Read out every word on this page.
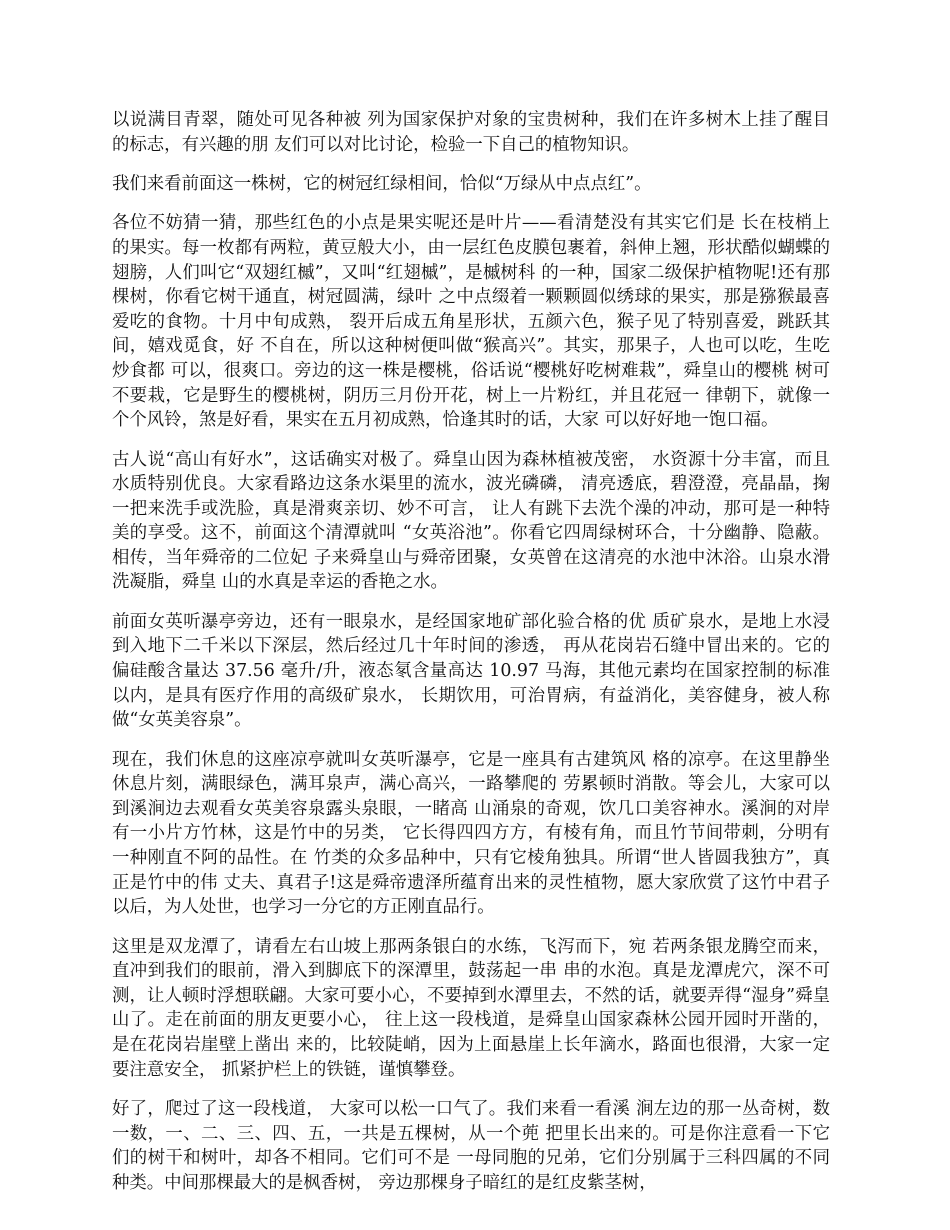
以说满目青翠，随处可见各种被 列为国家保护对象的宝贵树种，我们在许多树木上挂了醒目的标志，有兴趣的朋 友们可以对比讨论，检验一下自己的植物知识。

我们来看前面这一株树，它的树冠红绿相间，恰似“万绿从中点点红”。

各位不妨猜一猜，那些红色的小点是果实呢还是叶片——看清楚没有其实它们是 长在枝梢上的果实。每一枚都有两粒，黄豆般大小，由一层红色皮膜包裹着，斜伸上翘，形状酷似蝴蝶的翅膀，人们叫它“双翅红槭”，又叫“红翅槭”，是槭树科 的一种，国家二级保护植物呢!还有那棵树，你看它树干通直，树冠圆满，绿叶 之中点缀着一颗颗圆似绣球的果实，那是猕猴最喜爱吃的食物。十月中旬成熟， 裂开后成五角星形状，五颜六色，猴子见了特别喜爱，跳跃其间，嬉戏觅食，好 不自在，所以这种树便叫做“猴高兴”。其实，那果子，人也可以吃，生吃炒食都 可以，很爽口。旁边的这一株是樱桃，俗话说“樱桃好吃树难栽”，舜皇山的樱桃 树可不要栽，它是野生的樱桃树，阴历三月份开花，树上一片粉红，并且花冠一 律朝下，就像一个个风铃，煞是好看，果实在五月初成熟，恰逢其时的话，大家 可以好好地一饱口福。

古人说“高山有好水”，这话确实对极了。舜皇山因为森林植被茂密， 水资源十分丰富，而且水质特别优良。大家看路边这条水渠里的流水，波光磷磷， 清亮透底，碧澄澄，亮晶晶，掬一把来洗手或洗脸，真是滑爽亲切、妙不可言， 让人有跳下去洗个澡的冲动，那可是一种特美的享受。这不，前面这个清潭就叫 “女英浴池”。你看它四周绿树环合，十分幽静、隐蔽。相传，当年舜帝的二位妃 子来舜皇山与舜帝团聚，女英曾在这清亮的水池中沐浴。山泉水滑洗凝脂，舜皇 山的水真是幸运的香艳之水。

前面女英听瀑亭旁边，还有一眼泉水，是经国家地矿部化验合格的优 质矿泉水，是地上水浸到入地下二千米以下深层，然后经过几十年时间的渗透， 再从花岗岩石缝中冒出来的。它的偏硅酸含量达 37.56 毫升/升，液态氡含量高达 10.97 马海，其他元素均在国家控制的标准以内，是具有医疗作用的高级矿泉水， 长期饮用，可治胃病，有益消化，美容健身，被人称做“女英美容泉”。

现在，我们休息的这座凉亭就叫女英听瀑亭，它是一座具有古建筑风 格的凉亭。在这里静坐休息片刻，满眼绿色，满耳泉声，满心高兴，一路攀爬的 劳累顿时消散。等会儿，大家可以到溪涧边去观看女英美容泉露头泉眼，一睹高 山涌泉的奇观，饮几口美容神水。溪涧的对岸有一小片方竹林，这是竹中的另类， 它长得四四方方，有棱有角，而且竹节间带刺，分明有一种刚直不阿的品性。在 竹类的众多品种中，只有它棱角独具。所谓“世人皆圆我独方”，真正是竹中的伟 丈夫、真君子!这是舜帝遗泽所蕴育出来的灵性植物，愿大家欣赏了这竹中君子 以后，为人处世，也学习一分它的方正刚直品行。

这里是双龙潭了，请看左右山坡上那两条银白的水练，飞泻而下，宛 若两条银龙腾空而来，直冲到我们的眼前，滑入到脚底下的深潭里，鼓荡起一串 串的水泡。真是龙潭虎穴，深不可测，让人顿时浮想联翩。大家可要小心，不要掉到水潭里去，不然的话，就要弄得“湿身”舜皇山了。走在前面的朋友更要小心， 往上这一段栈道，是舜皇山国家森林公园开园时开凿的，是在花岗岩崖壁上凿出 来的，比较陡峭，因为上面悬崖上长年滴水，路面也很滑，大家一定要注意安全， 抓紧护栏上的铁链，谨慎攀登。

好了，爬过了这一段栈道， 大家可以松一口气了。我们来看一看溪 涧左边的那一丛奇树，数一数，一、二、三、四、五，一共是五棵树，从一个蔸 把里长出来的。可是你注意看一下它们的树干和树叶，却各不相同。它们可不是 一母同胞的兄弟，它们分别属于三科四属的不同种类。中间那棵最大的是枫香树， 旁边那棵身子暗红的是红皮紫茎树，
